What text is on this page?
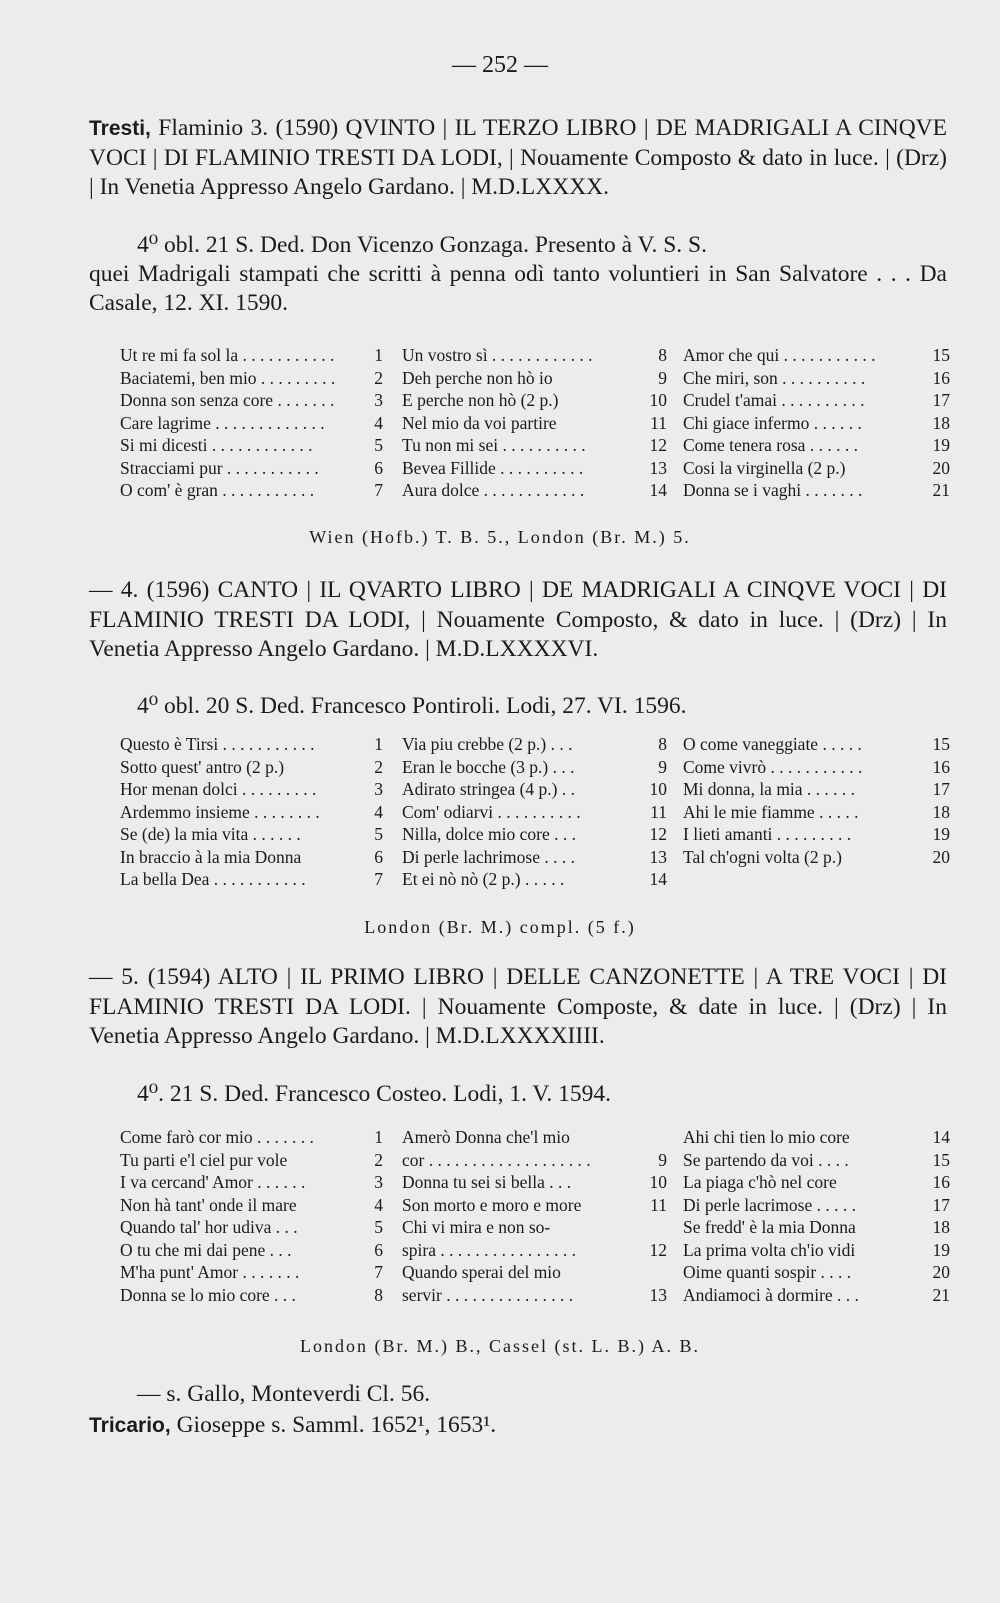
— 252 —
Tresti, Flaminio 3. (1590) QVINTO | IL TERZO LIBRO | DE MADRIGALI A CINQVE VOCI | DI FLAMINIO TRESTI DA LODI, | Nouamente Composto & dato in luce. | (Drz) | In Venetia Appresso Angelo Gardano. | M.D.LXXXX.
4⁰ obl. 21 S. Ded. Don Vicenzo Gonzaga. Presento à V. S. S.
quei Madrigali stampati che scritti à penna odì tanto voluntieri in San Salvatore . . . Da Casale, 12. XI. 1590.
Ut re mi fa sol la . . . . . . . . . . .	1
Baciatemi, ben mio . . . . . . . . .	2
Donna son senza core . . . . . . .	3
Care lagrime . . . . . . . . . . . . .	4
Si mi dicesti . . . . . . . . . . . .	5
Stracciami pur . . . . . . . . . . .	6
O com' è gran . . . . . . . . . . .	7
Un vostro sì . . . . . . . . . . . .	8
Deh perche non hò io	9
E perche non hò (2 p.)	10
Nel mio da voi partire	11
Tu non mi sei . . . . . . . . . .	12
Bevea Fillide . . . . . . . . . .	13
Aura dolce . . . . . . . . . . . .	14
Amor che qui . . . . . . . . . . .	15
Che miri, son . . . . . . . . . .	16
Crudel t'amai . . . . . . . . . .	17
Chi giace infermo . . . . . .	18
Come tenera rosa . . . . . .	19
Cosi la virginella (2 p.)	20
Donna se i vaghi . . . . . . .	21
Wien (Hofb.) T. B. 5., London (Br. M.) 5.
— 4. (1596) CANTO | IL QVARTO LIBRO | DE MADRIGALI A CINQVE VOCI | DI FLAMINIO TRESTI DA LODI, | Nouamente Composto, & dato in luce. | (Drz) | In Venetia Appresso Angelo Gardano. | M.D.LXXXXVI.
4⁰ obl. 20 S. Ded. Francesco Pontiroli. Lodi, 27. VI. 1596.
Questo è Tirsi . . . . . . . . . . .	1
Sotto quest' antro (2 p.)	2
Hor menan dolci . . . . . . . . .	3
Ardemmo insieme . . . . . . . .	4
Se (de) la mia vita . . . . . .	5
In braccio à la mia Donna	6
La bella Dea . . . . . . . . . . .	7
Via piu crebbe (2 p.) . . .	8
Eran le bocche (3 p.) . . .	9
Adirato stringea (4 p.) . .	10
Com' odiarvi . . . . . . . . . .	11
Nilla, dolce mio core . . .	12
Di perle lachrimose . . . .	13
Et ei nò nò (2 p.) . . . . .	14
O come vaneggiate . . . . .	15
Come vivrò . . . . . . . . . . .	16
Mi donna, la mia . . . . . .	17
Ahi le mie fiamme . . . . .	18
I lieti amanti . . . . . . . . .	19
Tal ch'ogni volta (2 p.)	20
London (Br. M.) compl. (5 f.)
— 5. (1594) ALTO | IL PRIMO LIBRO | DELLE CANZONETTE | A TRE VOCI | DI FLAMINIO TRESTI DA LODI. | Nouamente Composte, & date in luce. | (Drz) | In Venetia Appresso Angelo Gardano. | M.D.LXXXXIIII.
4⁰. 21 S. Ded. Francesco Costeo. Lodi, 1. V. 1594.
Come farò cor mio . . . . . . .	1
Tu parti e'l ciel pur vole	2
I va cercand' Amor . . . . . .	3
Non hà tant' onde il mare	4
Quando tal' hor udiva . . .	5
O tu che mi dai pene . . .	6
M'ha punt' Amor . . . . . . .	7
Donna se lo mio core . . .	8
Amerò Donna che'l mio
cor . . . . . . . . . . . . . . . . . . .	9
Donna tu sei si bella . . .	10
Son morto e moro e more	11
Chi vi mira e non so-
spira . . . . . . . . . . . . . . . .	12
Quando sperai del mio
servir . . . . . . . . . . . . . . .	13
Ahi chi tien lo mio core	14
Se partendo da voi . . . .	15
La piaga c'hò nel core	16
Di perle lacrimose . . . . .	17
Se fredd' è la mia Donna	18
La prima volta ch'io vidi	19
Oime quanti sospir . . . .	20
Andiamoci à dormire . . .	21
London (Br. M.) B., Cassel (st. L. B.) A. B.
— s. Gallo, Monteverdi Cl. 56.
Tricario, Gioseppe s. Samml. 1652¹, 1653¹.
